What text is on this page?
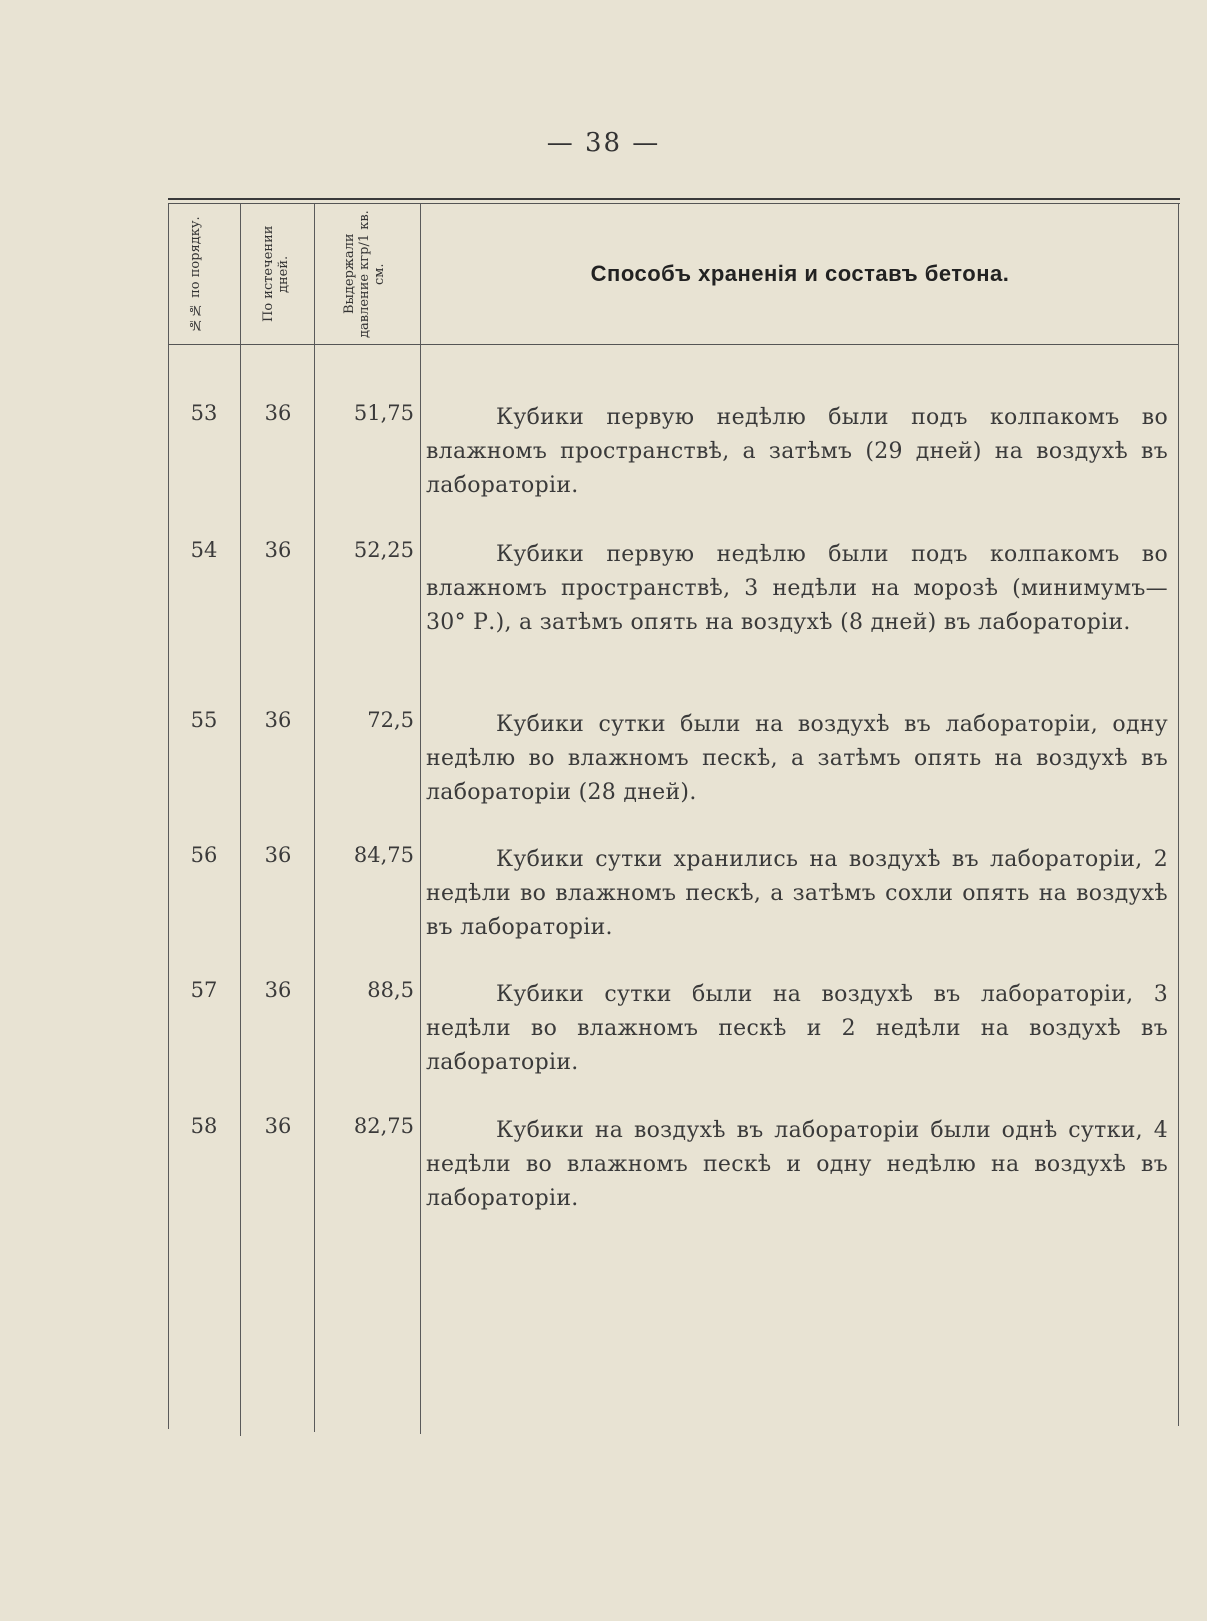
— 38 —
№№ по порядку.	По истечении дней.	Выдержали давление кгр/1 кв. см.	Способъ храненія и составъ бетона.
53	36	51,75	Кубики первую недѣлю были подъ колпакомъ во влажномъ пространствѣ, а затѣмъ (29 дней) на воздухѣ въ лабораторіи.
54	36	52,25	Кубики первую недѣлю были подъ колпакомъ во влажномъ пространствѣ, 3 недѣли на морозѣ (минимумъ—30° Р.), а затѣмъ опять на воздухѣ (8 дней) въ лабораторіи.
55	36	72,5	Кубики сутки были на воздухѣ въ лабораторіи, одну недѣлю во влажномъ пескѣ, а затѣмъ опять на воздухѣ въ лабораторіи (28 дней).
56	36	84,75	Кубики сутки хранились на воздухѣ въ лабораторіи, 2 недѣли во влажномъ пескѣ, а затѣмъ сохли опять на воздухѣ въ лабораторіи.
57	36	88,5	Кубики сутки были на воздухѣ въ лабораторіи, 3 недѣли во влажномъ пескѣ и 2 недѣли на воздухѣ въ лабораторіи.
58	36	82,75	Кубики на воздухѣ въ лабораторіи были однѣ сутки, 4 недѣли во влажномъ пескѣ и одну недѣлю на воздухѣ въ лабораторіи.
